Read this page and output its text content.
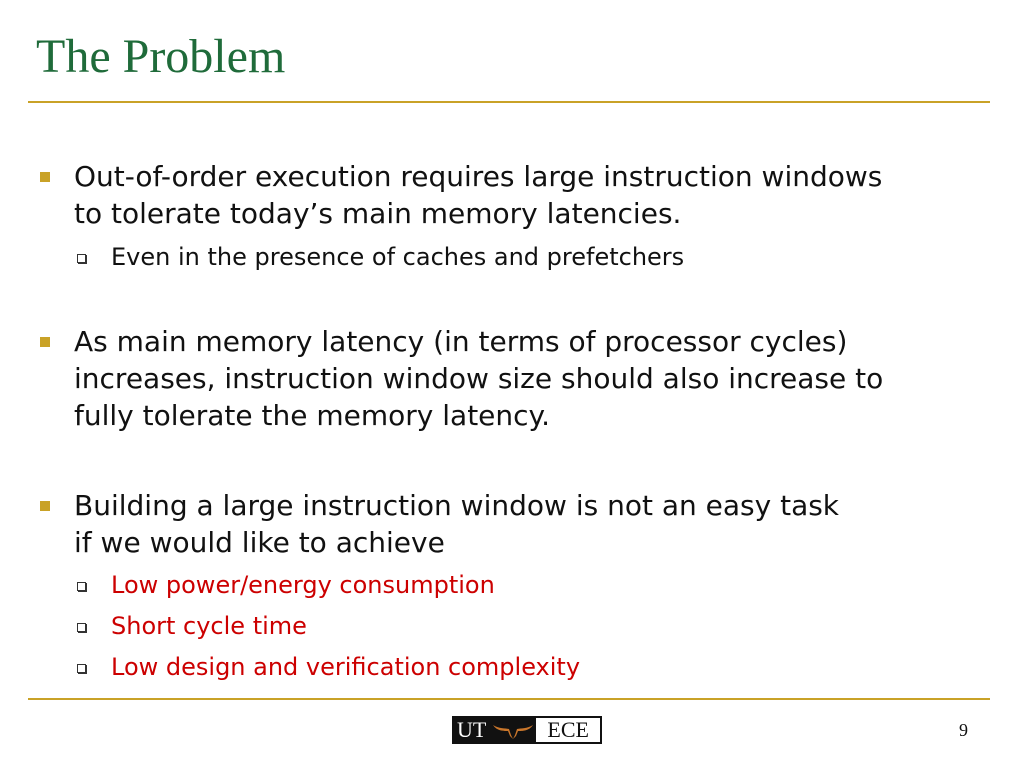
The Problem
Out-of-order execution requires large instruction windows
to tolerate today’s main memory latencies.
Even in the presence of caches and prefetchers
As main memory latency (in terms of processor cycles)
increases, instruction window size should also increase to
fully tolerate the memory latency.
Building a large instruction window is not an easy task
if we would like to achieve
Low power/energy consumption
Short cycle time
Low design and verification complexity
UT	ECE	9
